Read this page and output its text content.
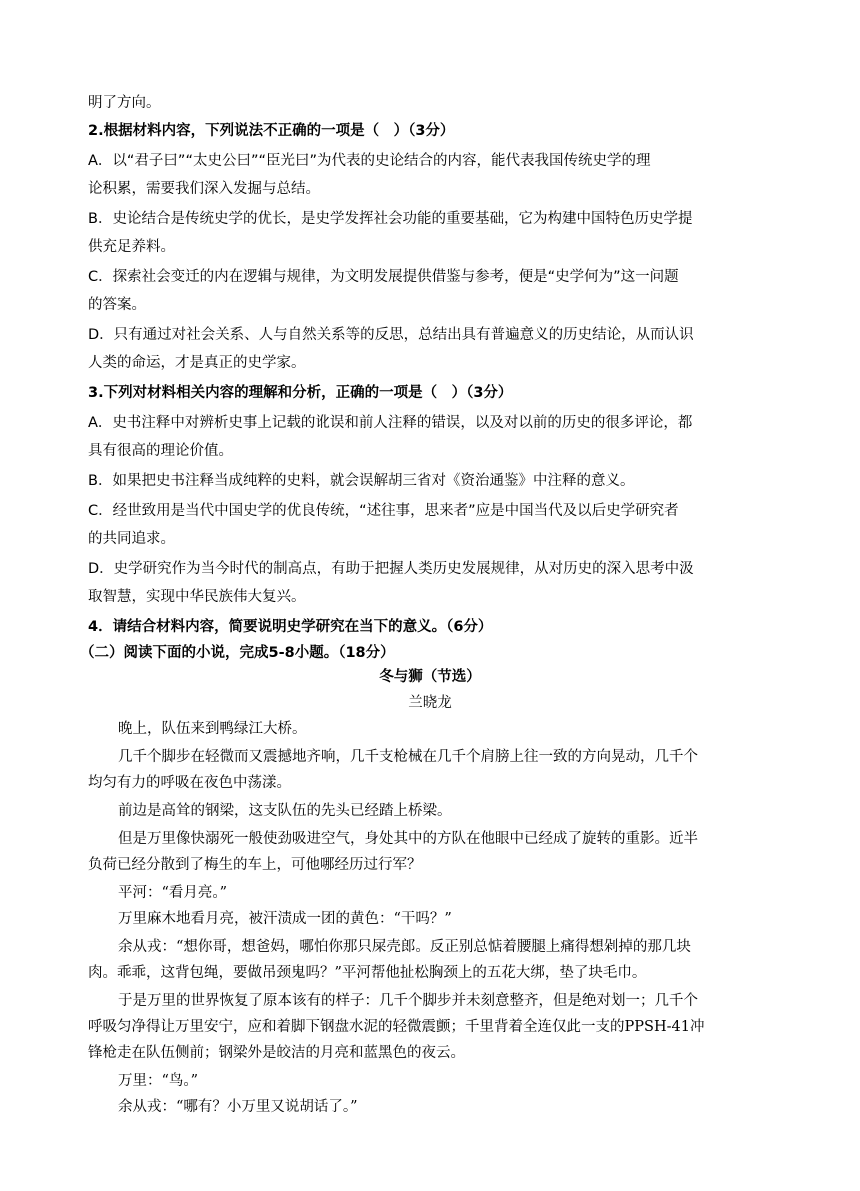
明了方向。
2.根据材料内容，下列说法不正确的一项是（　）（3分）
A．以“君子曰”“太史公曰”“臣光曰”为代表的史论结合的内容，能代表我国传统史学的理
论积累，需要我们深入发掘与总结。
B．史论结合是传统史学的优长，是史学发挥社会功能的重要基础，它为构建中国特色历史学提
供充足养料。
C．探索社会变迁的内在逻辑与规律，为文明发展提供借鉴与参考，便是“史学何为”这一问题
的答案。
D．只有通过对社会关系、人与自然关系等的反思，总结出具有普遍意义的历史结论，从而认识
人类的命运，才是真正的史学家。
3.下列对材料相关内容的理解和分析，正确的一项是（　）（3分）
A．史书注释中对辨析史事上记载的讹误和前人注释的错误，以及对以前的历史的很多评论，都
具有很高的理论价值。
B．如果把史书注释当成纯粹的史料，就会误解胡三省对《资治通鉴》中注释的意义。
C．经世致用是当代中国史学的优良传统，“述往事，思来者”应是中国当代及以后史学研究者
的共同追求。
D．史学研究作为当今时代的制高点，有助于把握人类历史发展规律，从对历史的深入思考中汲
取智慧，实现中华民族伟大复兴。
4．请结合材料内容，简要说明史学研究在当下的意义。（6分）
（二）阅读下面的小说，完成5-8小题。（18分）
冬与狮（节选）
兰晓龙
晚上，队伍来到鸭绿江大桥。
几千个脚步在轻微而又震撼地齐响，几千支枪械在几千个肩膀上往一致的方向晃动，几千个
均匀有力的呼吸在夜色中荡漾。
前边是高耸的钢梁，这支队伍的先头已经踏上桥梁。
但是万里像快溺死一般使劲吸进空气，身处其中的方队在他眼中已经成了旋转的重影。近半
负荷已经分散到了梅生的车上，可他哪经历过行军？
平河：“看月亮。”
万里麻木地看月亮，被汗渍成一团的黄色：“干吗？”
余从戎：“想你哥，想爸妈，哪怕你那只屎壳郎。反正别总惦着腰腿上痛得想剁掉的那几块
肉。乖乖，这背包绳，要做吊颈鬼吗？”平河帮他扯松胸颈上的五花大绑，垫了块毛巾。
于是万里的世界恢复了原本该有的样子：几千个脚步并未刻意整齐，但是绝对划一；几千个
呼吸匀净得让万里安宁，应和着脚下钢盘水泥的轻微震颤；千里背着全连仅此一支的PPSH-41冲
锋枪走在队伍侧前；钢梁外是皎洁的月亮和蓝黑色的夜云。
万里：“鸟。”
余从戎：“哪有？小万里又说胡话了。”
